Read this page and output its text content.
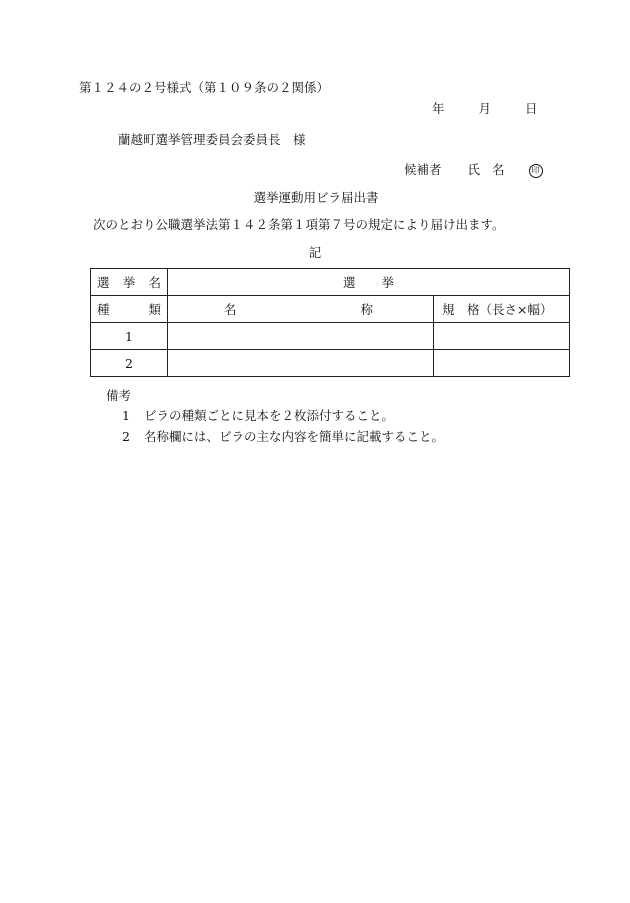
第１２４の２号様式（第１０９条の２関係）
年	月	日
蘭越町選挙管理委員会委員長　様
候補者 氏 名	印
選挙運動用ビラ届出書
次のとおり公職選挙法第１４２条第１項第７号の規定により届け出ます。
記
選 挙 名	選 挙	

種 類	名 称	規　格（長さ×幅）

1		
2		
備考
1 ビラの種類ごとに見本を２枚添付すること。
2 名称欄には、ビラの主な内容を簡単に記載すること。
